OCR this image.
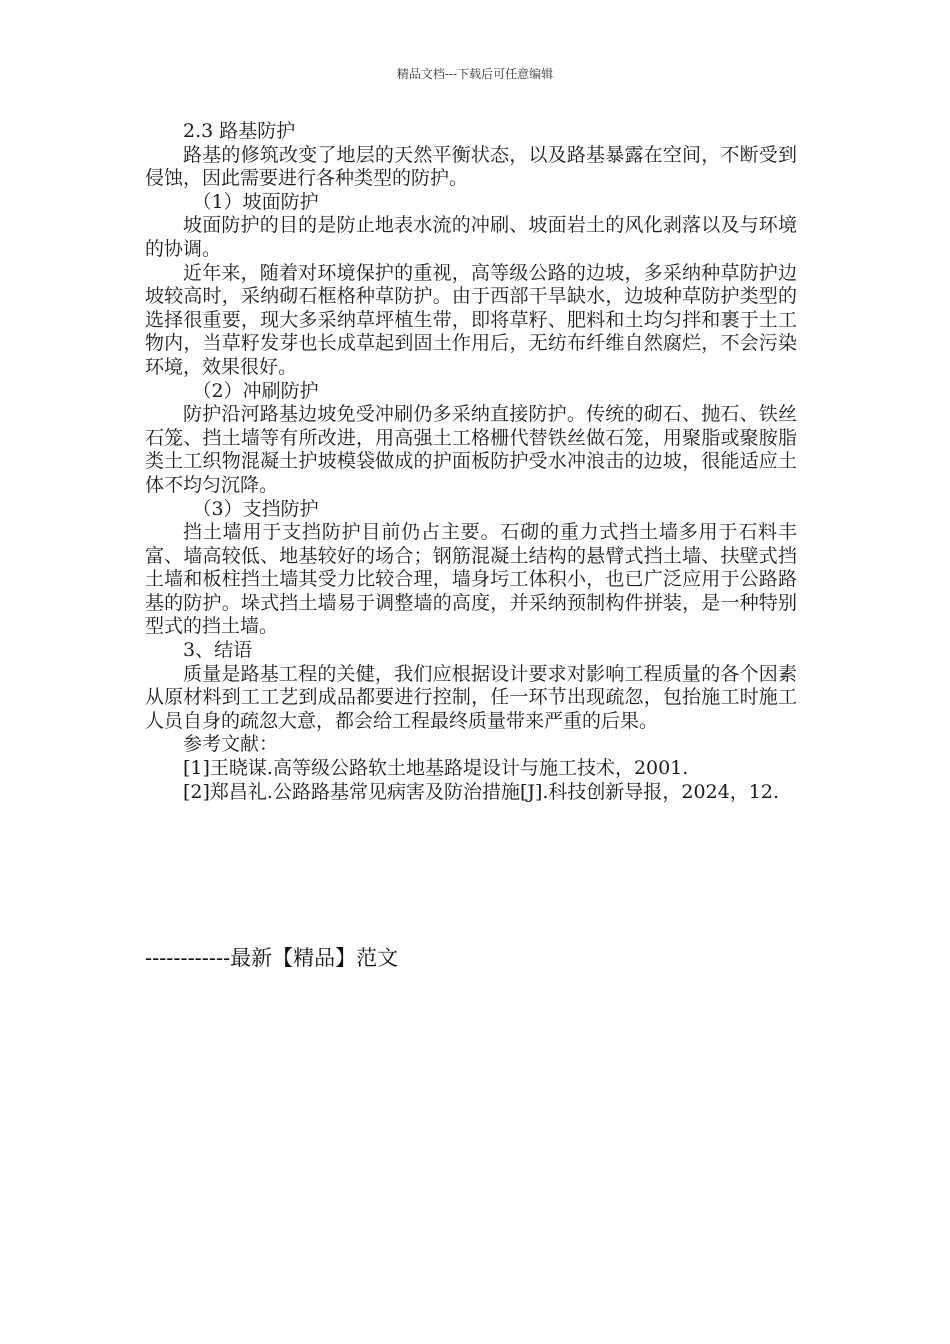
精品文档---下载后可任意编辑

2.3 路基防护

路基的修筑改变了地层的天然平衡状态，以及路基暴露在空间，不断受到侵蚀，因此需要进行各种类型的防护。

（1）坡面防护

坡面防护的目的是防止地表水流的冲刷、坡面岩土的风化剥落以及与环境的协调。

近年来，随着对环境保护的重视，高等级公路的边坡，多采纳种草防护边坡较高时，采纳砌石框格种草防护。由于西部干旱缺水，边坡种草防护类型的选择很重要，现大多采纳草坪植生带，即将草籽、肥料和土均匀拌和裹于土工物内，当草籽发芽也长成草起到固土作用后，无纺布纤维自然腐烂，不会污染环境，效果很好。

（2）冲刷防护

防护沿河路基边坡免受冲刷仍多采纳直接防护。传统的砌石、抛石、铁丝石笼、挡土墙等有所改进，用高强土工格栅代替铁丝做石笼，用聚脂或聚胺脂类土工织物混凝土护坡模袋做成的护面板防护受水冲浪击的边坡，很能适应土体不均匀沉降。

（3）支挡防护

挡土墙用于支挡防护目前仍占主要。石砌的重力式挡土墙多用于石料丰富、墙高较低、地基较好的场合；钢筋混凝土结构的悬臂式挡土墙、扶壁式挡土墙和板柱挡土墙其受力比较合理，墙身圬工体积小，也已广泛应用于公路路基的防护。垛式挡土墙易于调整墙的高度，并采纳预制构件拼装，是一种特别型式的挡土墙。

3、结语

质量是路基工程的关健，我们应根据设计要求对影响工程质量的各个因素从原材料到工工艺到成品都要进行控制，任一环节出现疏忽，包抬施工时施工人员自身的疏忽大意，都会给工程最终质量带来严重的后果。

参考文献：

[1]王晓谋.高等级公路软土地基路堤设计与施工技术，2001.

[2]郑昌礼.公路路基常见病害及防治措施[J].科技创新导报，2024，12.

------------最新【精品】范文
